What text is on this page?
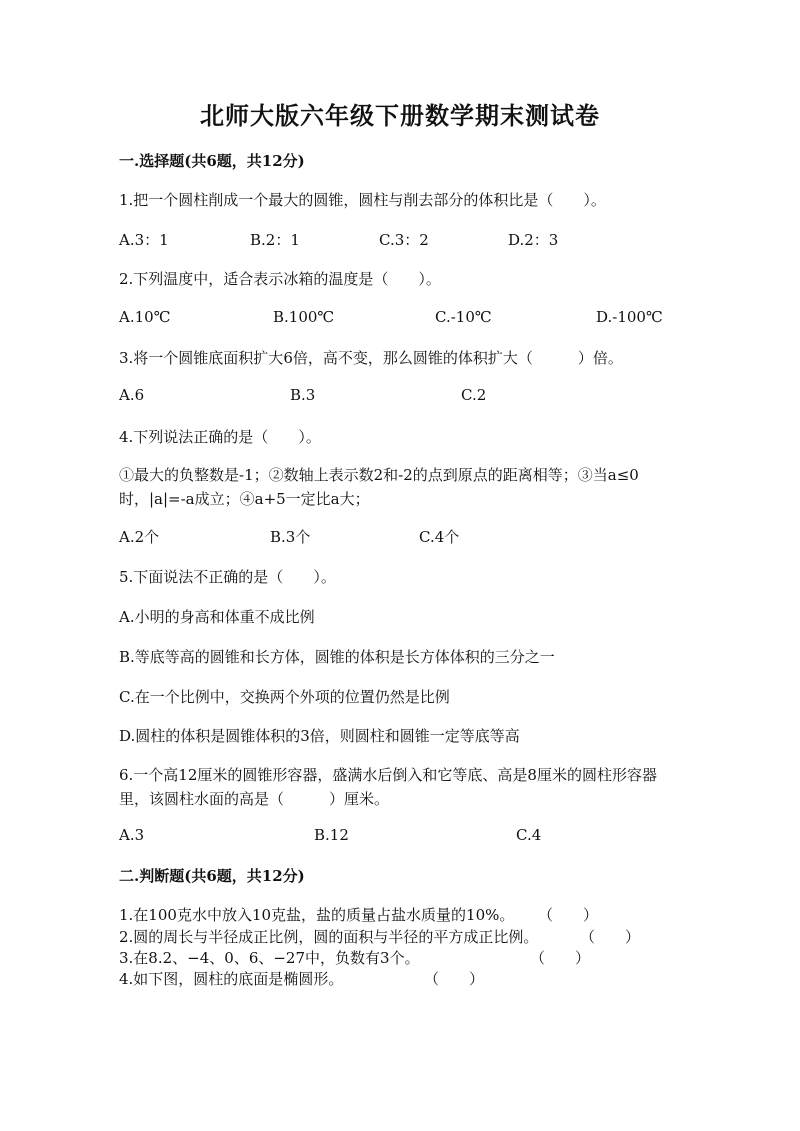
北师大版六年级下册数学期末测试卷
一.选择题(共6题，共12分)
1.把一个圆柱削成一个最大的圆锥，圆柱与削去部分的体积比是（　　）。
A.3：1	B.2：1	C.3：2	D.2：3
2.下列温度中，适合表示冰箱的温度是（　　）。
A.10℃	B.100℃	C.-10℃	D.-100℃
3.将一个圆锥底面积扩大6倍，高不变，那么圆锥的体积扩大（　　　）倍。
A.6	B.3	C.2
4.下列说法正确的是（　　）。
①最大的负整数是-1；②数轴上表示数2和-2的点到原点的距离相等；③当a≤0时，|a|=-a成立；④a+5一定比a大；
A.2个	B.3个	C.4个
5.下面说法不正确的是（　　）。
A.小明的身高和体重不成比例
B.等底等高的圆锥和长方体，圆锥的体积是长方体体积的三分之一
C.在一个比例中，交换两个外项的位置仍然是比例
D.圆柱的体积是圆锥体积的3倍，则圆柱和圆锥一定等底等高
6.一个高12厘米的圆锥形容器，盛满水后倒入和它等底、高是8厘米的圆柱形容器里，该圆柱水面的高是（　　　）厘米。
A.3	B.12	C.4
二.判断题(共6题，共12分)
1.在100克水中放入10克盐，盐的质量占盐水质量的10%。 （　　）
2.圆的周长与半径成正比例，圆的面积与半径的平方成正比例。	（　　）
3.在8.2、−4、0、6、−27中，负数有3个。	（　　）
4.如下图，圆柱的底面是椭圆形。	（　　）
